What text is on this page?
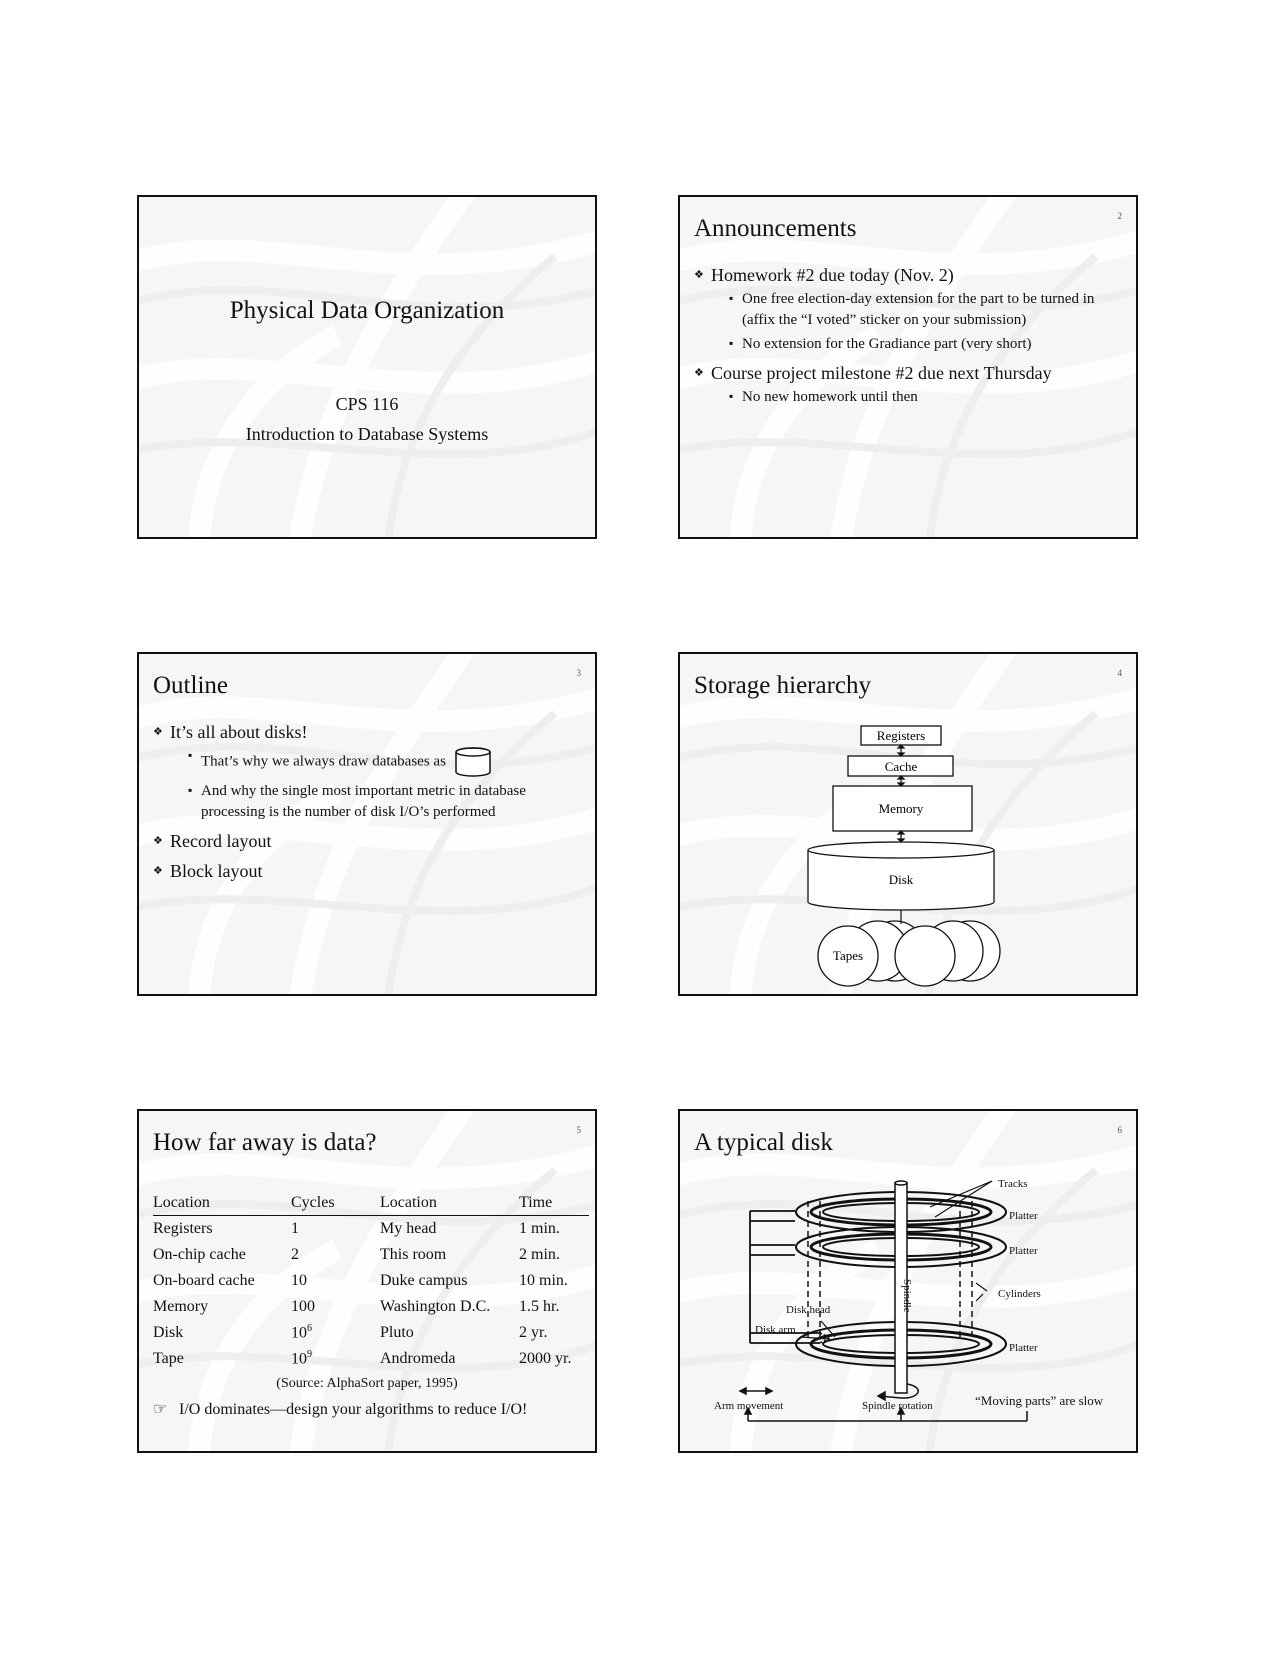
Physical Data Organization
CPS 116
Introduction to Database Systems
2
Announcements
❖ Homework #2 due today (Nov. 2)
▪ One free election-day extension for the part to be turned in (affix the “I voted” sticker on your submission)
▪ No extension for the Gradiance part (very short)
❖ Course project milestone #2 due next Thursday
▪ No new homework until then
3
Outline
❖ It’s all about disks!
▪ That’s why we always draw databases as
▪ And why the single most important metric in database processing is the number of disk I/O’s performed
❖ Record layout
❖ Block layout
4
Storage hierarchy
Registers
Cache
Memory
Disk
Tapes
5
How far away is data?
Location	Cycles	Location	Time
Registers	1	My head	1 min.
On-chip cache	2	This room	2 min.
On-board cache	10	Duke campus	10 min.
Memory	100	Washington D.C.	1.5 hr.
Disk	$10^6$	Pluto	2 yr.
Tape	$10^9$	Andromeda	2000 yr.
(Source: AlphaSort paper, 1995)
☞ I/O dominates—design your algorithms to reduce I/O!
6
A typical disk
Tracks
Platter
Platter
Cylinders
Platter
Spindle
Disk head
Disk arm
Arm movement	Spindle rotation	“Moving parts” are slow
